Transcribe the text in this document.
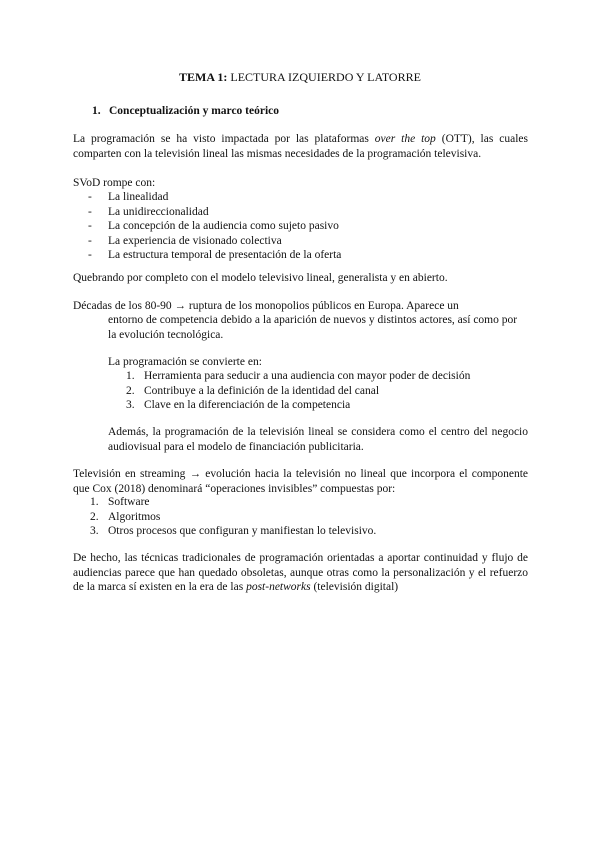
TEMA 1: LECTURA IZQUIERDO Y LATORRE
1. Conceptualización y marco teórico
La programación se ha visto impactada por las plataformas over the top (OTT), las cuales comparten con la televisión lineal las mismas necesidades de la programación televisiva.
SVoD rompe con:
- La linealidad
- La unidireccionalidad
- La concepción de la audiencia como sujeto pasivo
- La experiencia de visionado colectiva
- La estructura temporal de presentación de la oferta
Quebrando por completo con el modelo televisivo lineal, generalista y en abierto.
Décadas de los 80-90 → ruptura de los monopolios públicos en Europa. Aparece un
entorno de competencia debido a la aparición de nuevos y distintos actores, así como por la evolución tecnológica.
La programación se convierte en:
1. Herramienta para seducir a una audiencia con mayor poder de decisión
2. Contribuye a la definición de la identidad del canal
3. Clave en la diferenciación de la competencia
Además, la programación de la televisión lineal se considera como el centro del negocio audiovisual para el modelo de financiación publicitaria.
Televisión en streaming → evolución hacia la televisión no lineal que incorpora el componente que Cox (2018) denominará “operaciones invisibles” compuestas por:
1. Software
2. Algoritmos
3. Otros procesos que configuran y manifiestan lo televisivo.
De hecho, las técnicas tradicionales de programación orientadas a aportar continuidad y flujo de audiencias parece que han quedado obsoletas, aunque otras como la personalización y el refuerzo de la marca sí existen en la era de las post-networks (televisión digital)
